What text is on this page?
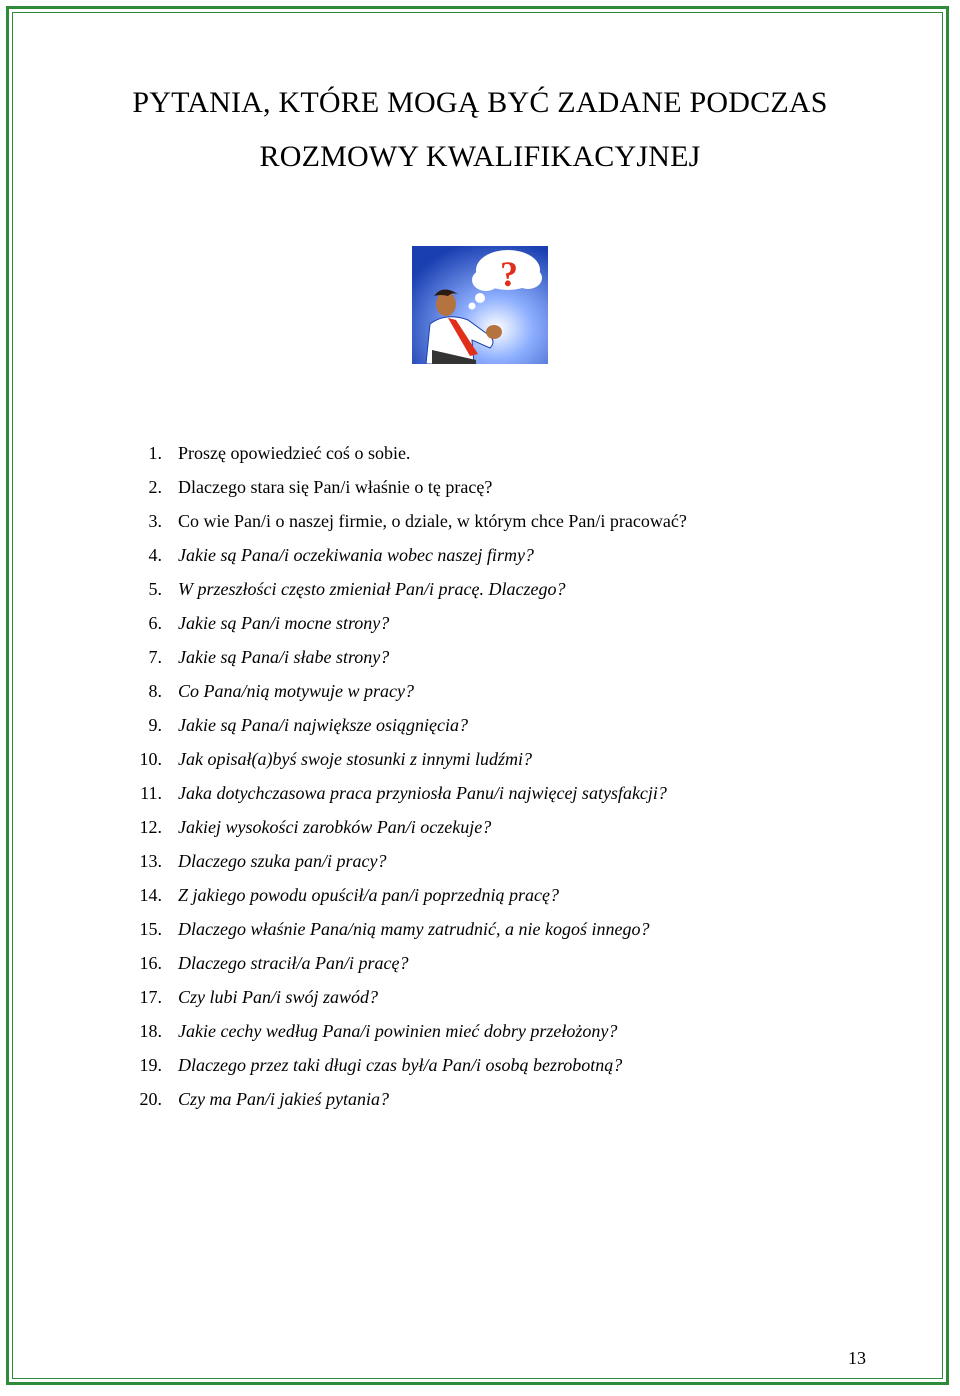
PYTANIA, KTÓRE MOGĄ BYĆ ZADANE PODCZAS
ROZMOWY KWALIFIKACYJNEJ
?
1. Proszę opowiedzieć coś o sobie.
2. Dlaczego stara się Pan/i właśnie o tę pracę?
3. Co wie Pan/i o naszej firmie, o dziale, w którym chce Pan/i pracować?
4. Jakie są Pana/i oczekiwania wobec naszej firmy?
5. W przeszłości często zmieniał Pan/i pracę. Dlaczego?
6. Jakie są Pan/i mocne strony?
7. Jakie są Pana/i słabe strony?
8. Co Pana/nią motywuje w pracy?
9. Jakie są Pana/i największe osiągnięcia?
10. Jak opisał(a)byś swoje stosunki z innymi ludźmi?
11. Jaka dotychczasowa praca przyniosła Panu/i najwięcej satysfakcji?
12. Jakiej wysokości zarobków Pan/i oczekuje?
13. Dlaczego szuka pan/i pracy?
14. Z jakiego powodu opuścił/a pan/i poprzednią pracę?
15. Dlaczego właśnie Pana/nią mamy zatrudnić, a nie kogoś innego?
16. Dlaczego stracił/a Pan/i pracę?
17. Czy lubi Pan/i swój zawód?
18. Jakie cechy według Pana/i powinien mieć dobry przełożony?
19. Dlaczego przez taki długi czas był/a Pan/i osobą bezrobotną?
20. Czy ma Pan/i jakieś pytania?
13
